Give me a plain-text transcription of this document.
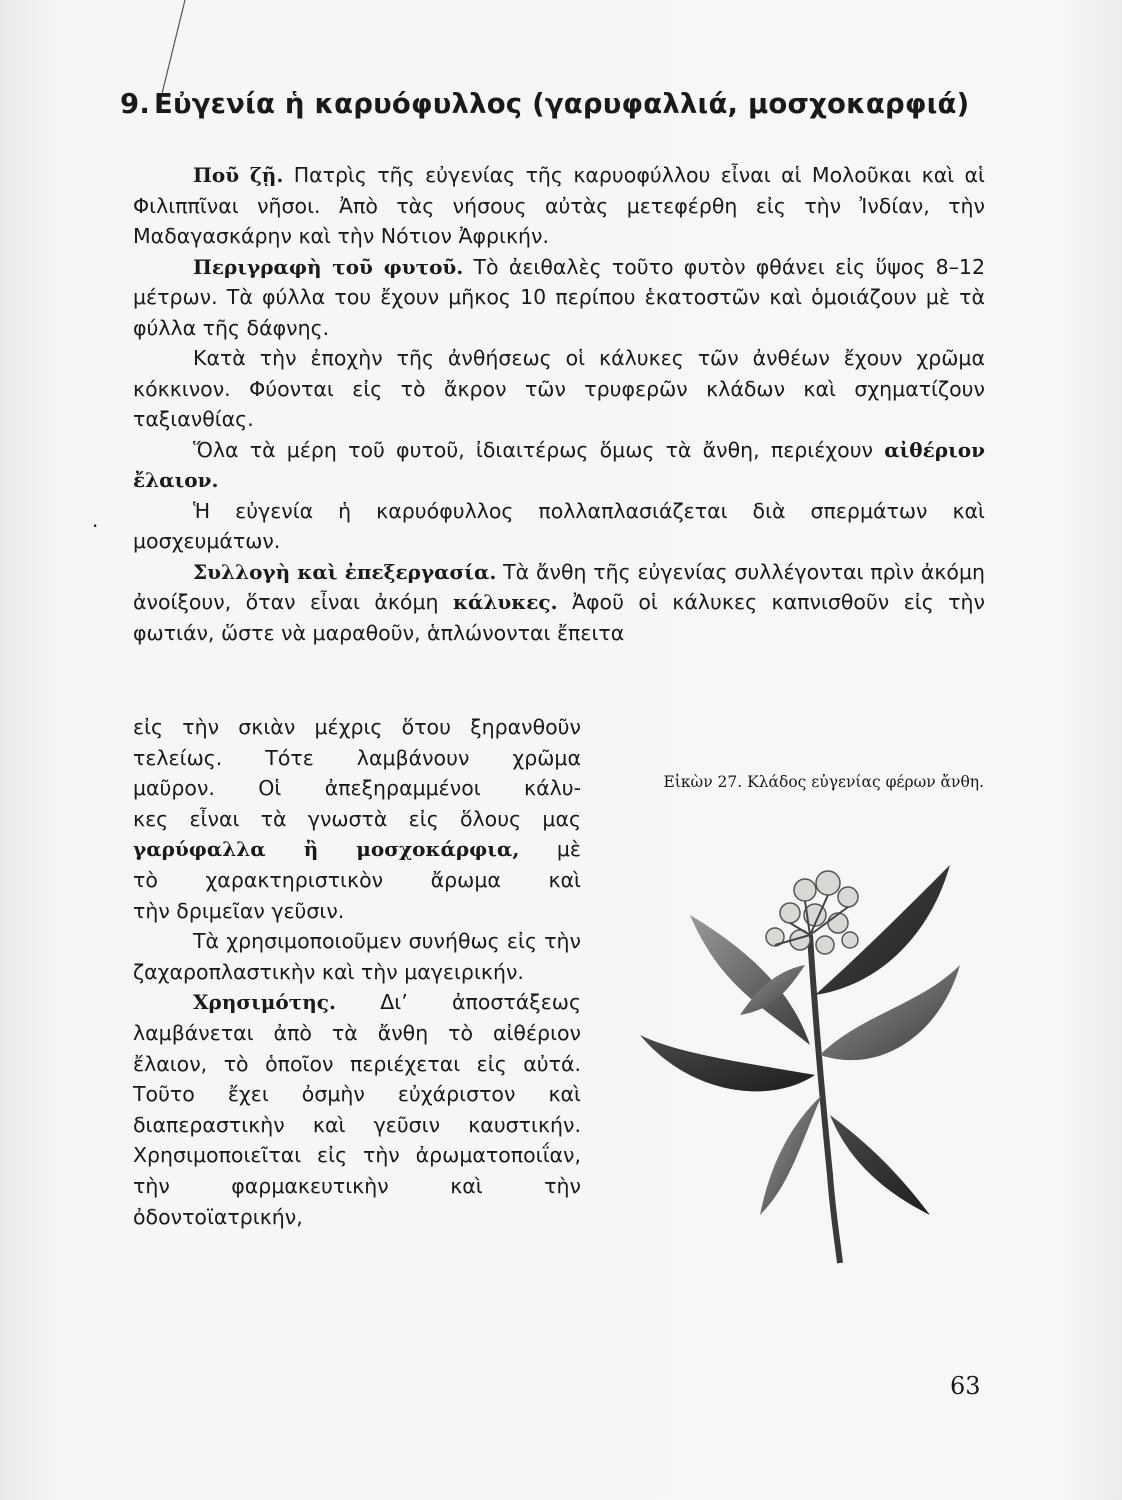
9. Εὐγενία ἡ καρυόφυλλος (γαρυφαλλιά, μοσχοκαρφιά)

Ποῦ ζῇ. Πατρὶς τῆς εὐγενίας τῆς καρυοφύλλου εἶναι αἱ Μολοῦκαι καὶ αἱ Φιλιππῖναι νῆσοι. Ἀπὸ τὰς νήσους αὐτὰς μετεφέρθη εἰς τὴν Ἰνδίαν, τὴν Μαδαγασκάρην καὶ τὴν Νότιον Ἀφρικήν.

Περιγραφὴ τοῦ φυτοῦ. Τὸ ἀειθαλὲς τοῦτο φυτὸν φθάνει εἰς ὕψος 8–12 μέτρων. Τὰ φύλλα του ἔχουν μῆκος 10 περίπου ἑκατοστῶν καὶ ὁμοιάζουν μὲ τὰ φύλλα τῆς δάφνης.

Κατὰ τὴν ἐποχὴν τῆς ἀνθήσεως οἱ κάλυκες τῶν ἀνθέων ἔχουν χρῶμα κόκκινον. Φύονται εἰς τὸ ἄκρον τῶν τρυφερῶν κλάδων καὶ σχηματίζουν ταξιανθίας.

Ὅλα τὰ μέρη τοῦ φυτοῦ, ἰδιαιτέρως ὅμως τὰ ἄνθη, περιέχουν αἰθέριον ἔλαιον.

Ἡ εὐγενία ἡ καρυόφυλλος πολλαπλασιάζεται διὰ σπερμάτων καὶ μοσχευμάτων.

Συλλογὴ καὶ ἐπεξεργασία. Τὰ ἄνθη τῆς εὐγενίας συλλέγονται πρὶν ἀκόμη ἀνοίξουν, ὅταν εἶναι ἀκόμη κάλυκες. Ἀφοῦ οἱ κάλυκες καπνισθοῦν εἰς τὴν φωτιάν, ὥστε νὰ μαραθοῦν, ἁπλώνονται ἔπειτα

·

εἰς τὴν σκιὰν μέχρις ὅτου ξηρανθοῦν

τελείως. Τότε λαμβάνουν χρῶμα

μαῦρον. Οἱ ἀπεξηραμμένοι κάλυ-

κες εἶναι τὰ γνωστὰ εἰς ὅλους μας

γαρύφαλλα ἢ μοσχοκάρφια, μὲ

τὸ χαρακτηριστικὸν ἄρωμα καὶ

τὴν δριμεῖαν γεῦσιν.

Τὰ χρησιμοποιοῦμεν συνήθως εἰς τὴν ζαχαροπλαστικὴν καὶ τὴν μαγειρικήν.

Χρησιμότης. Δι’ ἀποστάξεως λαμβάνεται ἀπὸ τὰ ἄνθη τὸ αἰθέριον ἔλαιον, τὸ ὁποῖον περιέχεται εἰς αὐτά. Τοῦτο ἔχει ὀσμὴν εὐχάριστον καὶ διαπεραστικὴν καὶ γεῦσιν καυστικήν. Χρησιμοποιεῖται εἰς τὴν ἀρωματοποιΐαν, τὴν φαρμακευτικὴν καὶ τὴν ὀδοντοϊατρικήν,

Εἰκὼν 27. Κλάδος εὐγενίας φέρων ἄνθη.
63
